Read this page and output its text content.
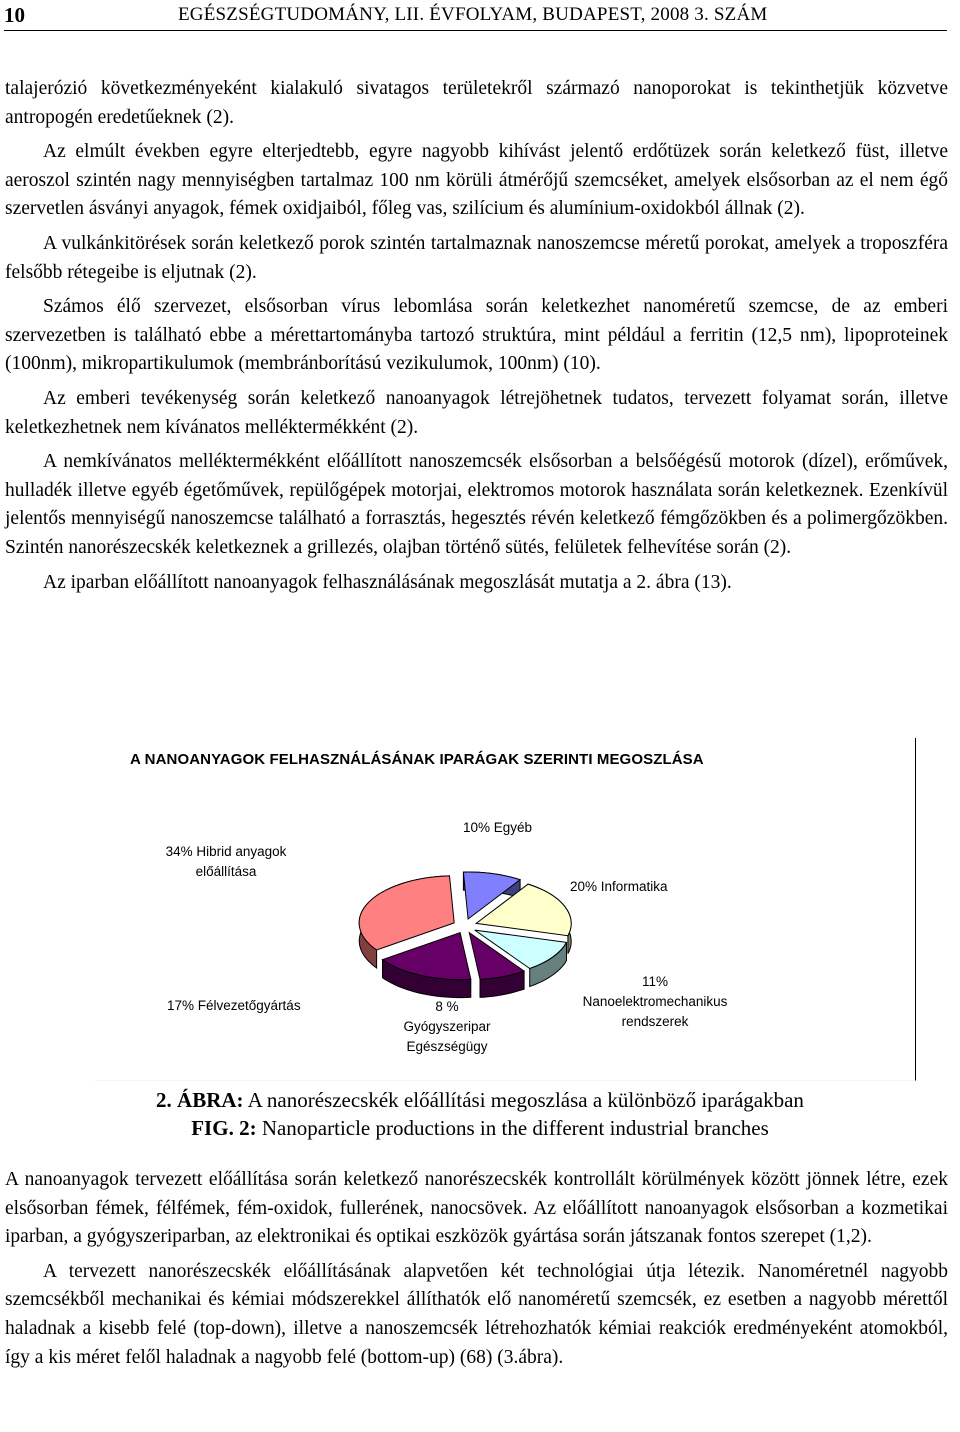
10	EGÉSZSÉGTUDOMÁNY, LII. ÉVFOLYAM, BUDAPEST, 2008 3. SZÁM

talajerózió következményeként kialakuló sivatagos területekről származó nanoporokat is tekinthetjük közvetve antropogén eredetűeknek (2).

Az elmúlt években egyre elterjedtebb, egyre nagyobb kihívást jelentő erdőtüzek során keletkező füst, illetve aeroszol szintén nagy mennyiségben tartalmaz 100 nm körüli átmérőjű szemcséket, amelyek elsősorban az el nem égő szervetlen ásványi anyagok, fémek oxidjaiból, főleg vas, szilícium és alumínium-oxidokból állnak (2).

A vulkánkitörések során keletkező porok szintén tartalmaznak nanoszemcse méretű porokat, amelyek a troposzféra felsőbb rétegeibe is eljutnak (2).

Számos élő szervezet, elsősorban vírus lebomlása során keletkezhet nanoméretű szemcse, de az emberi szervezetben is található ebbe a mérettartományba tartozó struktúra, mint például a ferritin (12,5 nm), lipoproteinek (100nm), mikropartikulumok (membránborítású vezikulumok, 100nm) (10).

Az emberi tevékenység során keletkező nanoanyagok létrejöhetnek tudatos, tervezett folyamat során, illetve keletkezhetnek nem kívánatos melléktermékként (2).

A nemkívánatos melléktermékként előállított nanoszemcsék elsősorban a belsőégésű motorok (dízel), erőművek, hulladék illetve egyéb égetőművek, repülőgépek motorjai, elektromos motorok használata során keletkeznek. Ezenkívül jelentős mennyiségű nanoszemcse található a forrasztás, hegesztés révén keletkező fémgőzökben és a polimergőzökben. Szintén nanorészecskék keletkeznek a grillezés, olajban történő sütés, felületek felhevítése során (2).

Az iparban előállított nanoanyagok felhasználásának megoszlását mutatja a 2. ábra (13).

A NANOANYAGOK FELHASZNÁLÁSÁNAK IPARÁGAK SZERINTI MEGOSZLÁSA
10% Egyéb
20% Informatika
11%
Nanoelektromechanikus
rendszerek
8 %
Gyógyszeripar
Egészségügy
17% Félvezetőgyártás
34% Hibrid anyagok
előállítása
2. ÁBRA: A nanorészecskék előállítási megoszlása a különböző iparágakban
FIG. 2: Nanoparticle productions in the different industrial branches

A nanoanyagok tervezett előállítása során keletkező nanorészecskék kontrollált körülmények között jönnek létre, ezek elsősorban fémek, félfémek, fém-oxidok, fullerének, nanocsövek. Az előállított nanoanyagok elsősorban a kozmetikai iparban, a gyógyszeriparban, az elektronikai és optikai eszközök gyártása során játszanak fontos szerepet (1,2).

A tervezett nanorészecskék előállításának alapvetően két technológiai útja létezik. Nanoméretnél nagyobb szemcsékből mechanikai és kémiai módszerekkel állíthatók elő nanoméretű szemcsék, ez esetben a nagyobb mérettől haladnak a kisebb felé (top-down), illetve a nanoszemcsék létrehozhatók kémiai reakciók eredményeként atomokból, így a kis méret felől haladnak a nagyobb felé (bottom-up) (68) (3.ábra).
